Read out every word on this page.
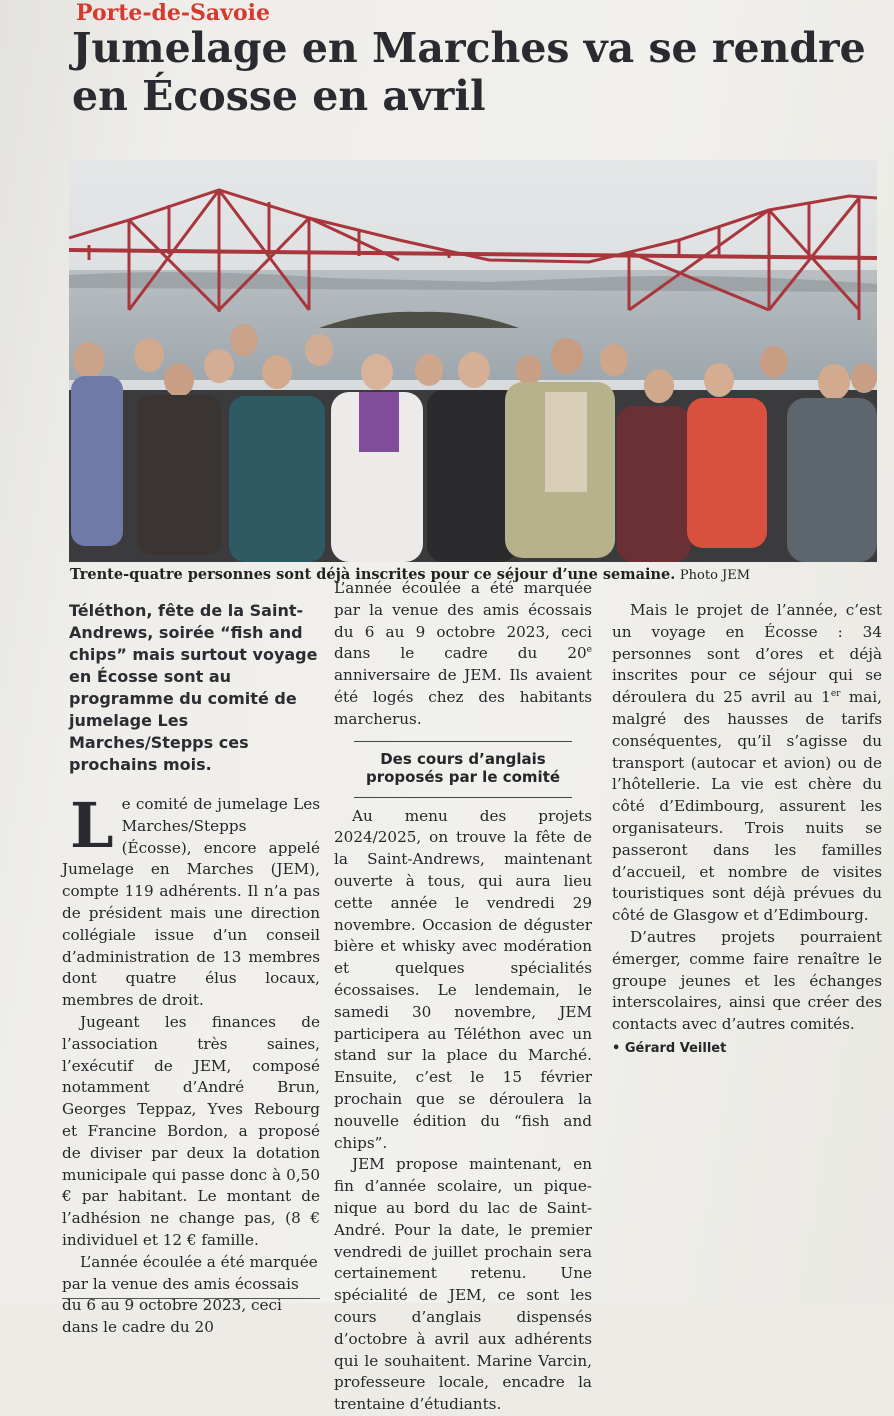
Porte-de-Savoie
Jumelage en Marches va se rendre en Écosse en avril
Trente-quatre personnes sont déjà inscrites pour ce séjour d’une semaine. Photo JEM

Téléthon, fête de la Saint-Andrews, soirée “fish and chips” mais surtout voyage en Écosse sont au programme du comité de jumelage Les Marches/Stepps ces prochains mois.

L e comité de jumelage Les Marches/Stepps (Écosse), encore appelé Jumelage en Marches (JEM), compte 119 adhérents. Il n’a pas de président mais une direction collégiale issue d’un conseil d’administration de 13 membres dont quatre élus locaux, membres de droit.

Jugeant les finances de l’association très saines, l’exécutif de JEM, composé notamment d’André Brun, Georges Teppaz, Yves Rebourg et Francine Bordon, a proposé de diviser par deux la dotation municipale qui passe donc à 0,50 € par habitant. Le montant de l’adhésion ne change pas, (8 € individuel et 12 € famille.

L’année écoulée a été marquée par la venue des amis écossais du 6 au 9 octobre 2023, ceci dans le cadre du 20

L’année écoulée a été marquée par la venue des amis écossais du 6 au 9 octobre 2023, ceci dans le cadre du 20e anniversaire de JEM. Ils avaient été logés chez des habitants marcherus.

Des cours d’anglais proposés par le comité

Au menu des projets 2024/2025, on trouve la fête de la Saint-Andrews, maintenant ouverte à tous, qui aura lieu cette année le vendredi 29 novembre. Occasion de déguster bière et whisky avec modération et quelques spécialités écossaises. Le lendemain, le samedi 30 novembre, JEM participera au Téléthon avec un stand sur la place du Marché. Ensuite, c’est le 15 février prochain que se déroulera la nouvelle édition du “fish and chips”.

JEM propose maintenant, en fin d’année scolaire, un pique-nique au bord du lac de Saint-André. Pour la date, le premier vendredi de juillet prochain sera certainement retenu. Une spécialité de JEM, ce sont les cours d’anglais dispensés d’octobre à avril aux adhérents qui le souhaitent. Marine Varcin, professeure locale, encadre la trentaine d’étudiants.

Mais le projet de l’année, c’est un voyage en Écosse : 34 personnes sont d’ores et déjà inscrites pour ce séjour qui se déroulera du 25 avril au 1er mai, malgré des hausses de tarifs conséquentes, qu’il s’agisse du transport (autocar et avion) ou de l’hôtellerie. La vie est chère du côté d’Edimbourg, assurent les organisateurs. Trois nuits se passeront dans les familles d’accueil, et nombre de visites touristiques sont déjà prévues du côté de Glasgow et d’Edimbourg.

D’autres projets pourraient émerger, comme faire renaître le groupe jeunes et les échanges interscolaires, ainsi que créer des contacts avec d’autres comités.

• Gérard Veillet
